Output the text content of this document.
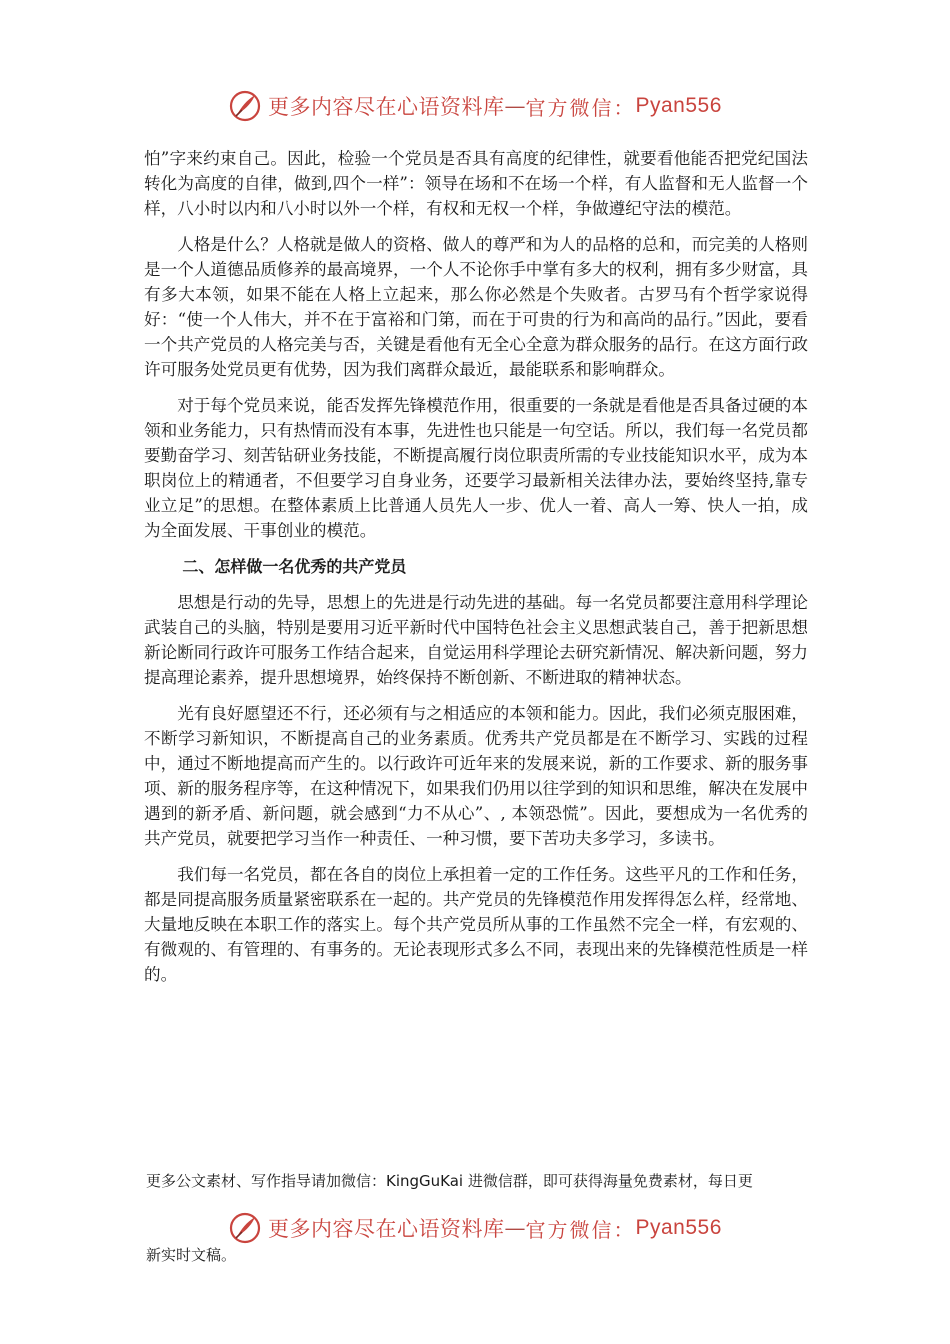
更多内容尽在心语资料库 — 官方微信： Pyan556

怕”字来约束自己。因此，检验一个党员是否具有高度的纪律性，就要看他能否把党纪国法转化为高度的自律，做到,四个一样”：领导在场和不在场一个样，有人监督和无人监督一个样，八小时以内和八小时以外一个样，有权和无权一个样，争做遵纪守法的模范。

人格是什么？人格就是做人的资格、做人的尊严和为人的品格的总和，而完美的人格则是一个人道德品质修养的最高境界，一个人不论你手中掌有多大的权利，拥有多少财富，具有多大本领，如果不能在人格上立起来，那么你必然是个失败者。古罗马有个哲学家说得好：“使一个人伟大，并不在于富裕和门第，而在于可贵的行为和高尚的品行。”因此，要看一个共产党员的人格完美与否，关键是看他有无全心全意为群众服务的品行。在这方面行政许可服务处党员更有优势，因为我们离群众最近，最能联系和影响群众。

对于每个党员来说，能否发挥先锋模范作用，很重要的一条就是看他是否具备过硬的本领和业务能力，只有热情而没有本事，先进性也只能是一句空话。所以，我们每一名党员都要勤奋学习、刻苦钻研业务技能，不断提高履行岗位职责所需的专业技能知识水平，成为本职岗位上的精通者，不但要学习自身业务，还要学习最新相关法律办法，要始终坚持,靠专业立足”的思想。在整体素质上比普通人员先人一步、优人一着、高人一筹、快人一拍，成为全面发展、干事创业的模范。

二、怎样做一名优秀的共产党员

思想是行动的先导，思想上的先进是行动先进的基础。每一名党员都要注意用科学理论武装自己的头脑，特别是要用习近平新时代中国特色社会主义思想武装自己，善于把新思想新论断同行政许可服务工作结合起来，自觉运用科学理论去研究新情况、解决新问题，努力提高理论素养，提升思想境界，始终保持不断创新、不断进取的精神状态。

光有良好愿望还不行，还必须有与之相适应的本领和能力。因此，我们必须克服困难，不断学习新知识，不断提高自己的业务素质。优秀共产党员都是在不断学习、实践的过程中，通过不断地提高而产生的。以行政许可近年来的发展来说，新的工作要求、新的服务事项、新的服务程序等，在这种情况下，如果我们仍用以往学到的知识和思维，解决在发展中遇到的新矛盾、新问题，就会感到“力不从心”、, 本领恐慌”。因此，要想成为一名优秀的共产党员，就要把学习当作一种责任、一种习惯，要下苦功夫多学习，多读书。

我们每一名党员，都在各自的岗位上承担着一定的工作任务。这些平凡的工作和任务，都是同提高服务质量紧密联系在一起的。共产党员的先锋模范作用发挥得怎么样，经常地、大量地反映在本职工作的落实上。每个共产党员所从事的工作虽然不完全一样，有宏观的、有微观的、有管理的、有事务的。无论表现形式多么不同，表现出来的先锋模范性质是一样的。

更多公文素材、写作指导请加微信：KingGuKai 进微信群，即可获得海量免费素材，每日更
更多内容尽在心语资料库 — 官方微信： Pyan556
新实时文稿。
